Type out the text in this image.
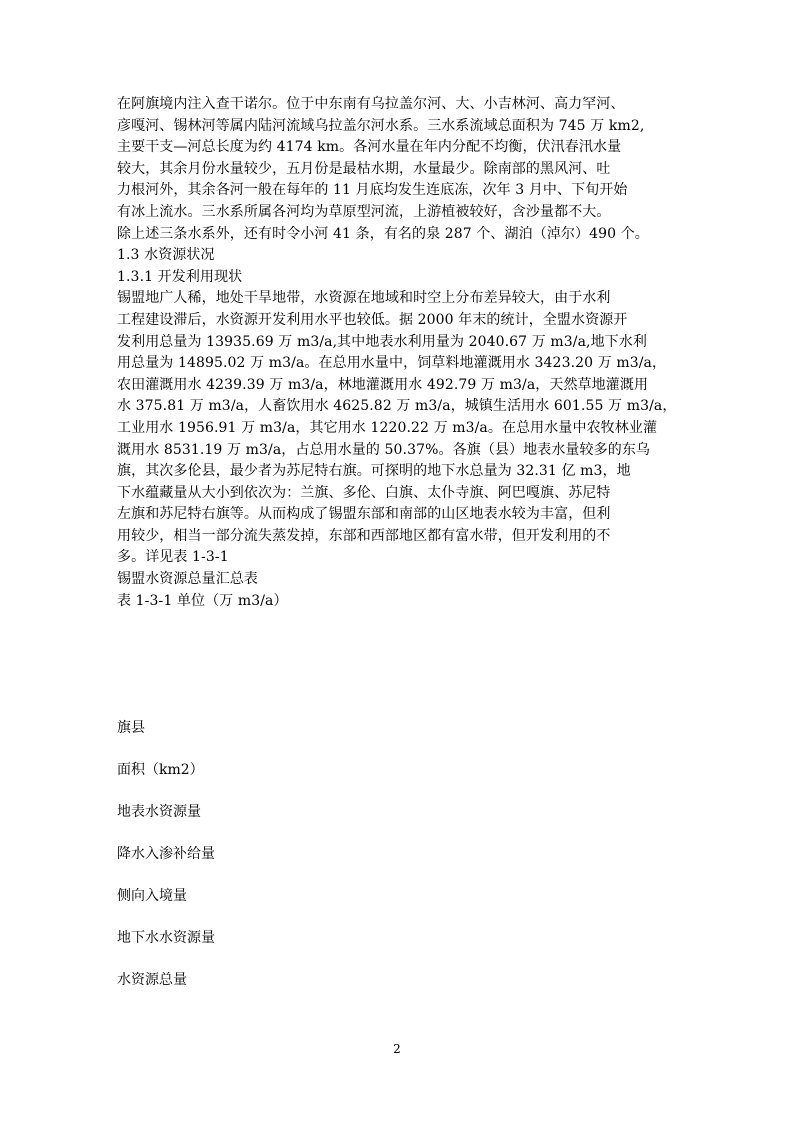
在阿旗境内注入查干诺尔。位于中东南有乌拉盖尔河、大、小吉林河、高力罕河、
彦嘎河、锡林河等属内陆河流域乌拉盖尔河水系。三水系流域总面积为 745 万 km2,
主要干支—河总长度为约 4174 km。各河水量在年内分配不均衡，伏汛春汛水量
较大，其余月份水量较少，五月份是最枯水期，水量最少。除南部的黑风河、吐
力根河外，其余各河一般在每年的 11 月底均发生连底冻，次年 3 月中、下旬开始
有冰上流水。三水系所属各河均为草原型河流，上游植被较好，含沙量都不大。
除上述三条水系外，还有时令小河 41 条，有名的泉 287 个、湖泊（淖尔）490 个。
1.3 水资源状况
1.3.1 开发利用现状
锡盟地广人稀，地处干旱地带，水资源在地域和时空上分布差异较大，由于水利
工程建设滞后，水资源开发利用水平也较低。据 2000 年末的统计，全盟水资源开
发利用总量为 13935.69 万 m3/a,其中地表水利用量为 2040.67 万 m3/a,地下水利
用总量为 14895.02 万 m3/a。在总用水量中，饲草料地灌溉用水 3423.20 万 m3/a，
农田灌溉用水 4239.39 万 m3/a，林地灌溉用水 492.79 万 m3/a，天然草地灌溉用
水 375.81 万 m3/a，人畜饮用水 4625.82 万 m3/a，城镇生活用水 601.55 万 m3/a，
工业用水 1956.91 万 m3/a，其它用水 1220.22 万 m3/a。在总用水量中农牧林业灌
溉用水 8531.19 万 m3/a，占总用水量的 50.37%。各旗（县）地表水量较多的东乌
旗，其次多伦县，最少者为苏尼特右旗。可探明的地下水总量为 32.31 亿 m3，地
下水蕴藏量从大小到依次为：兰旗、多伦、白旗、太仆寺旗、阿巴嘎旗、苏尼特
左旗和苏尼特右旗等。从而构成了锡盟东部和南部的山区地表水较为丰富，但利
用较少，相当一部分流失蒸发掉，东部和西部地区都有富水带，但开发利用的不
多。详见表 1-3-1
锡盟水资源总量汇总表
表 1-3-1 单位（万 m3/a）
旗县
面积（km2）
地表水资源量
降水入渗补给量
侧向入境量
地下水水资源量
水资源总量
2
